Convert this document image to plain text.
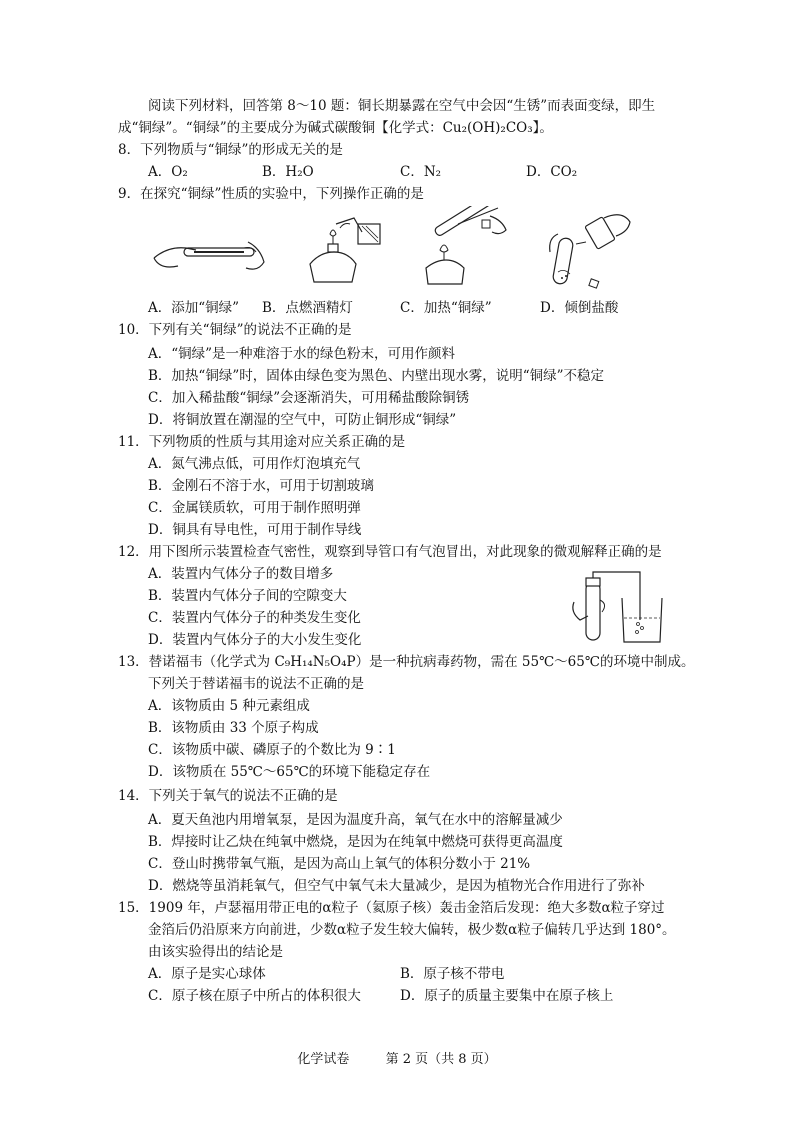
阅读下列材料，回答第 8～10 题：铜长期暴露在空气中会因“生锈”而表面变绿，即生
成“铜绿”。“铜绿”的主要成分为碱式碳酸铜【化学式：Cu₂(OH)₂CO₃】。
8．下列物质与“铜绿”的形成无关的是
A．O₂	B．H₂O	C．N₂	D．CO₂
9．在探究“铜绿”性质的实验中，下列操作正确的是
A．添加“铜绿” B．点燃酒精灯	C．加热“铜绿”	D．倾倒盐酸
10．下列有关“铜绿”的说法不正确的是
A．“铜绿”是一种难溶于水的绿色粉末，可用作颜料
B．加热“铜绿”时，固体由绿色变为黑色、内壁出现水雾，说明“铜绿”不稳定
C．加入稀盐酸“铜绿”会逐渐消失，可用稀盐酸除铜锈
D．将铜放置在潮湿的空气中，可防止铜形成“铜绿”
11．下列物质的性质与其用途对应关系正确的是
A．氮气沸点低，可用作灯泡填充气
B．金刚石不溶于水，可用于切割玻璃
C．金属镁质软，可用于制作照明弹
D．铜具有导电性，可用于制作导线
12．用下图所示装置检查气密性，观察到导管口有气泡冒出，对此现象的微观解释正确的是
A．装置内气体分子的数目增多
B．装置内气体分子间的空隙变大
C．装置内气体分子的种类发生变化
D．装置内气体分子的大小发生变化
13．替诺福韦（化学式为 C₉H₁₄N₅O₄P）是一种抗病毒药物，需在 55℃～65℃的环境中制成。
下列关于替诺福韦的说法不正确的是
A．该物质由 5 种元素组成
B．该物质由 33 个原子构成
C．该物质中碳、磷原子的个数比为 9∶1
D．该物质在 55℃～65℃的环境下能稳定存在
14．下列关于氧气的说法不正确的是
A．夏天鱼池内用增氧泵，是因为温度升高，氧气在水中的溶解量减少
B．焊接时让乙炔在纯氧中燃烧，是因为在纯氧中燃烧可获得更高温度
C．登山时携带氧气瓶，是因为高山上氧气的体积分数小于 21%
D．燃烧等虽消耗氧气，但空气中氧气未大量减少，是因为植物光合作用进行了弥补
15．1909 年，卢瑟福用带正电的α粒子（氦原子核）轰击金箔后发现：绝大多数α粒子穿过
金箔后仍沿原来方向前进，少数α粒子发生较大偏转，极少数α粒子偏转几乎达到 180°。
由该实验得出的结论是
A．原子是实心球体	B．原子核不带电
C．原子核在原子中所占的体积很大	D．原子的质量主要集中在原子核上
化学试卷	第 2 页（共 8 页）
